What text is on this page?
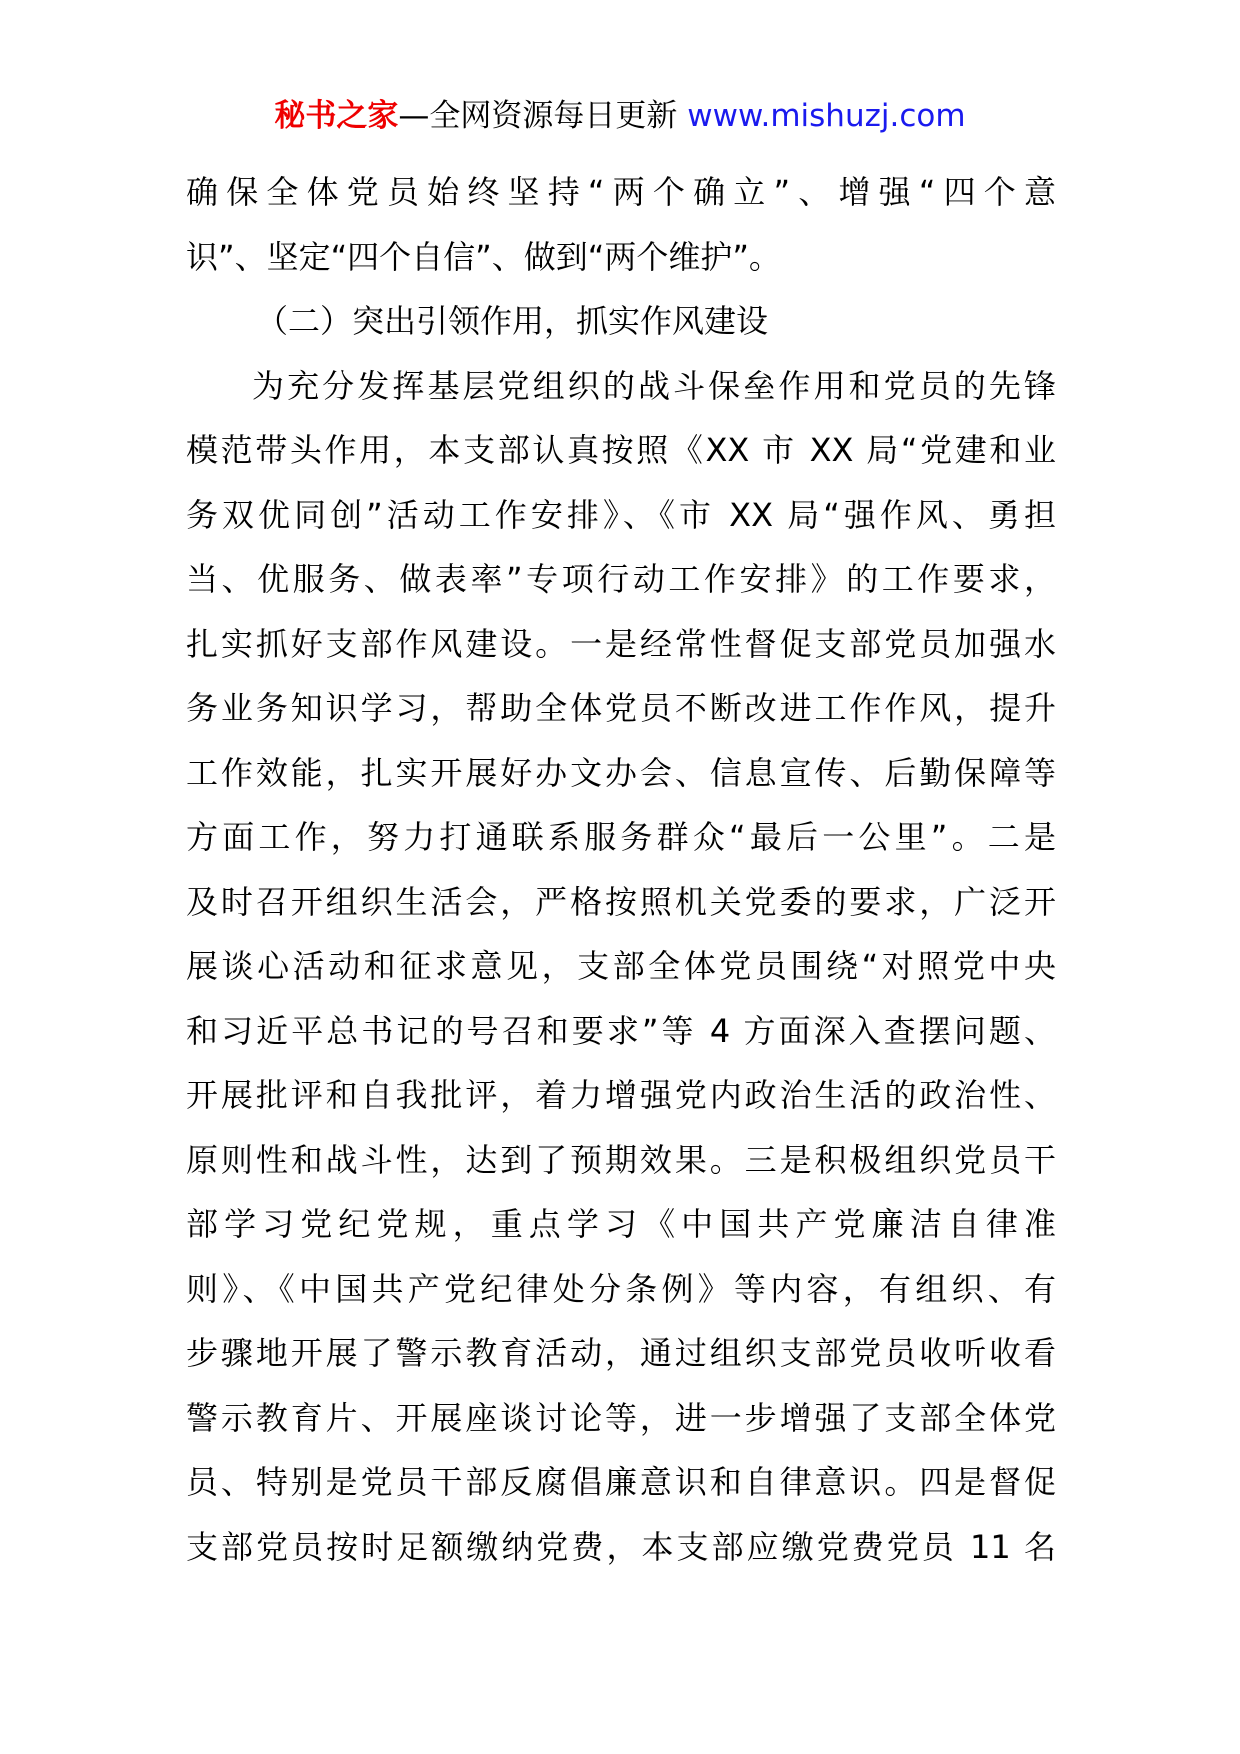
秘书之家—全网资源每日更新 www.mishuzj.com
确保全体党员始终坚持“两个确立”、增强“四个意
识”、坚定“四个自信”、做到“两个维护”。
（二）突出引领作用，抓实作风建设
为充分发挥基层党组织的战斗保垒作用和党员的先锋
模范带头作用，本支部认真按照《XX 市 XX 局“党建和业
务双优同创”活动工作安排》、《市 XX 局“强作风、勇担
当、优服务、做表率”专项行动工作安排》的工作要求，
扎实抓好支部作风建设。一是经常性督促支部党员加强水
务业务知识学习，帮助全体党员不断改进工作作风，提升
工作效能，扎实开展好办文办会、信息宣传、后勤保障等
方面工作，努力打通联系服务群众“最后一公里”。二是
及时召开组织生活会，严格按照机关党委的要求，广泛开
展谈心活动和征求意见，支部全体党员围绕“对照党中央
和习近平总书记的号召和要求”等 4 方面深入查摆问题、
开展批评和自我批评，着力增强党内政治生活的政治性、
原则性和战斗性，达到了预期效果。三是积极组织党员干
部学习党纪党规，重点学习《中国共产党廉洁自律准
则》、《中国共产党纪律处分条例》等内容，有组织、有
步骤地开展了警示教育活动，通过组织支部党员收听收看
警示教育片、开展座谈讨论等，进一步增强了支部全体党
员、特别是党员干部反腐倡廉意识和自律意识。四是督促
支部党员按时足额缴纳党费，本支部应缴党费党员 11 名
